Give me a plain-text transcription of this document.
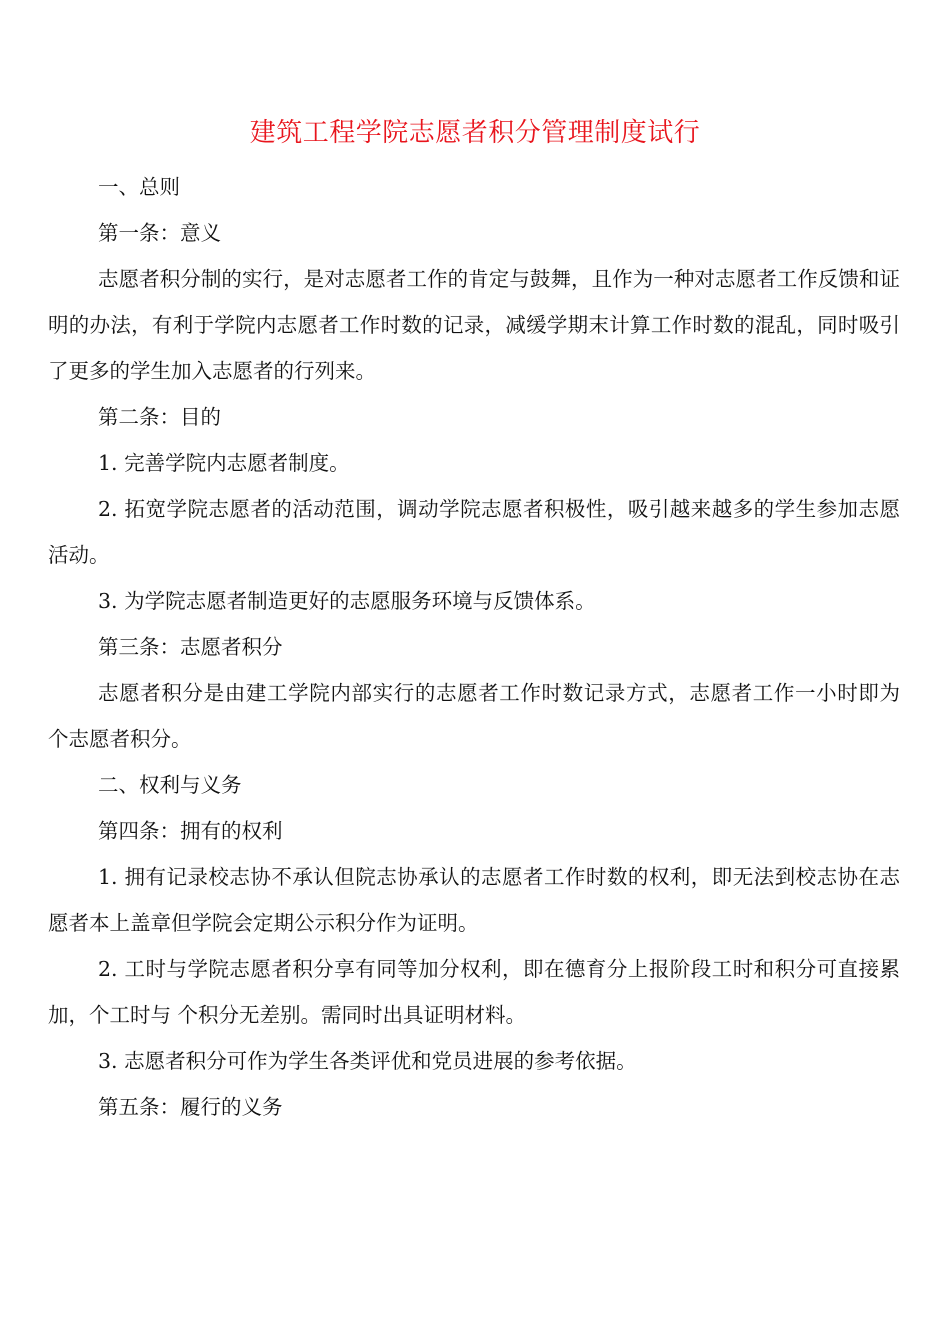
建筑工程学院志愿者积分管理制度试行

一、总则

第一条：意义

志愿者积分制的实行，是对志愿者工作的肯定与鼓舞，且作为一种对志愿者工作反馈和证明的办法，有利于学院内志愿者工作时数的记录，减缓学期末计算工作时数的混乱，同时吸引了更多的学生加入志愿者的行列来。

第二条：目的

1. 完善学院内志愿者制度。

2. 拓宽学院志愿者的活动范围，调动学院志愿者积极性，吸引越来越多的学生参加志愿活动。

3. 为学院志愿者制造更好的志愿服务环境与反馈体系。

第三条：志愿者积分

志愿者积分是由建工学院内部实行的志愿者工作时数记录方式，志愿者工作一小时即为 个志愿者积分。

二、权利与义务

第四条：拥有的权利

1. 拥有记录校志协不承认但院志协承认的志愿者工作时数的权利，即无法到校志协在志愿者本上盖章但学院会定期公示积分作为证明。

2. 工时与学院志愿者积分享有同等加分权利，即在德育分上报阶段工时和积分可直接累加，个工时与 个积分无差别。需同时出具证明材料。

3. 志愿者积分可作为学生各类评优和党员进展的参考依据。

第五条：履行的义务
